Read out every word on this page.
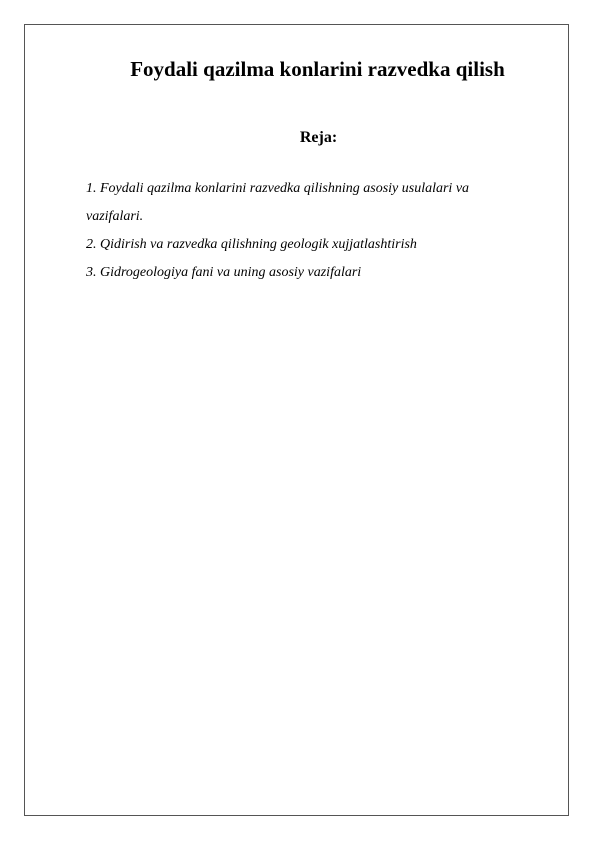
Foydali qazilma konlarini razvedka qilish
Reja:
1. Foydali qazilma konlarini razvedka qilishning asosiy usulalari va vazifalari.
2. Qidirish va razvedka qilishning geologik xujjatlashtirish
3. Gidrogeologiya fani va uning asosiy vazifalari
